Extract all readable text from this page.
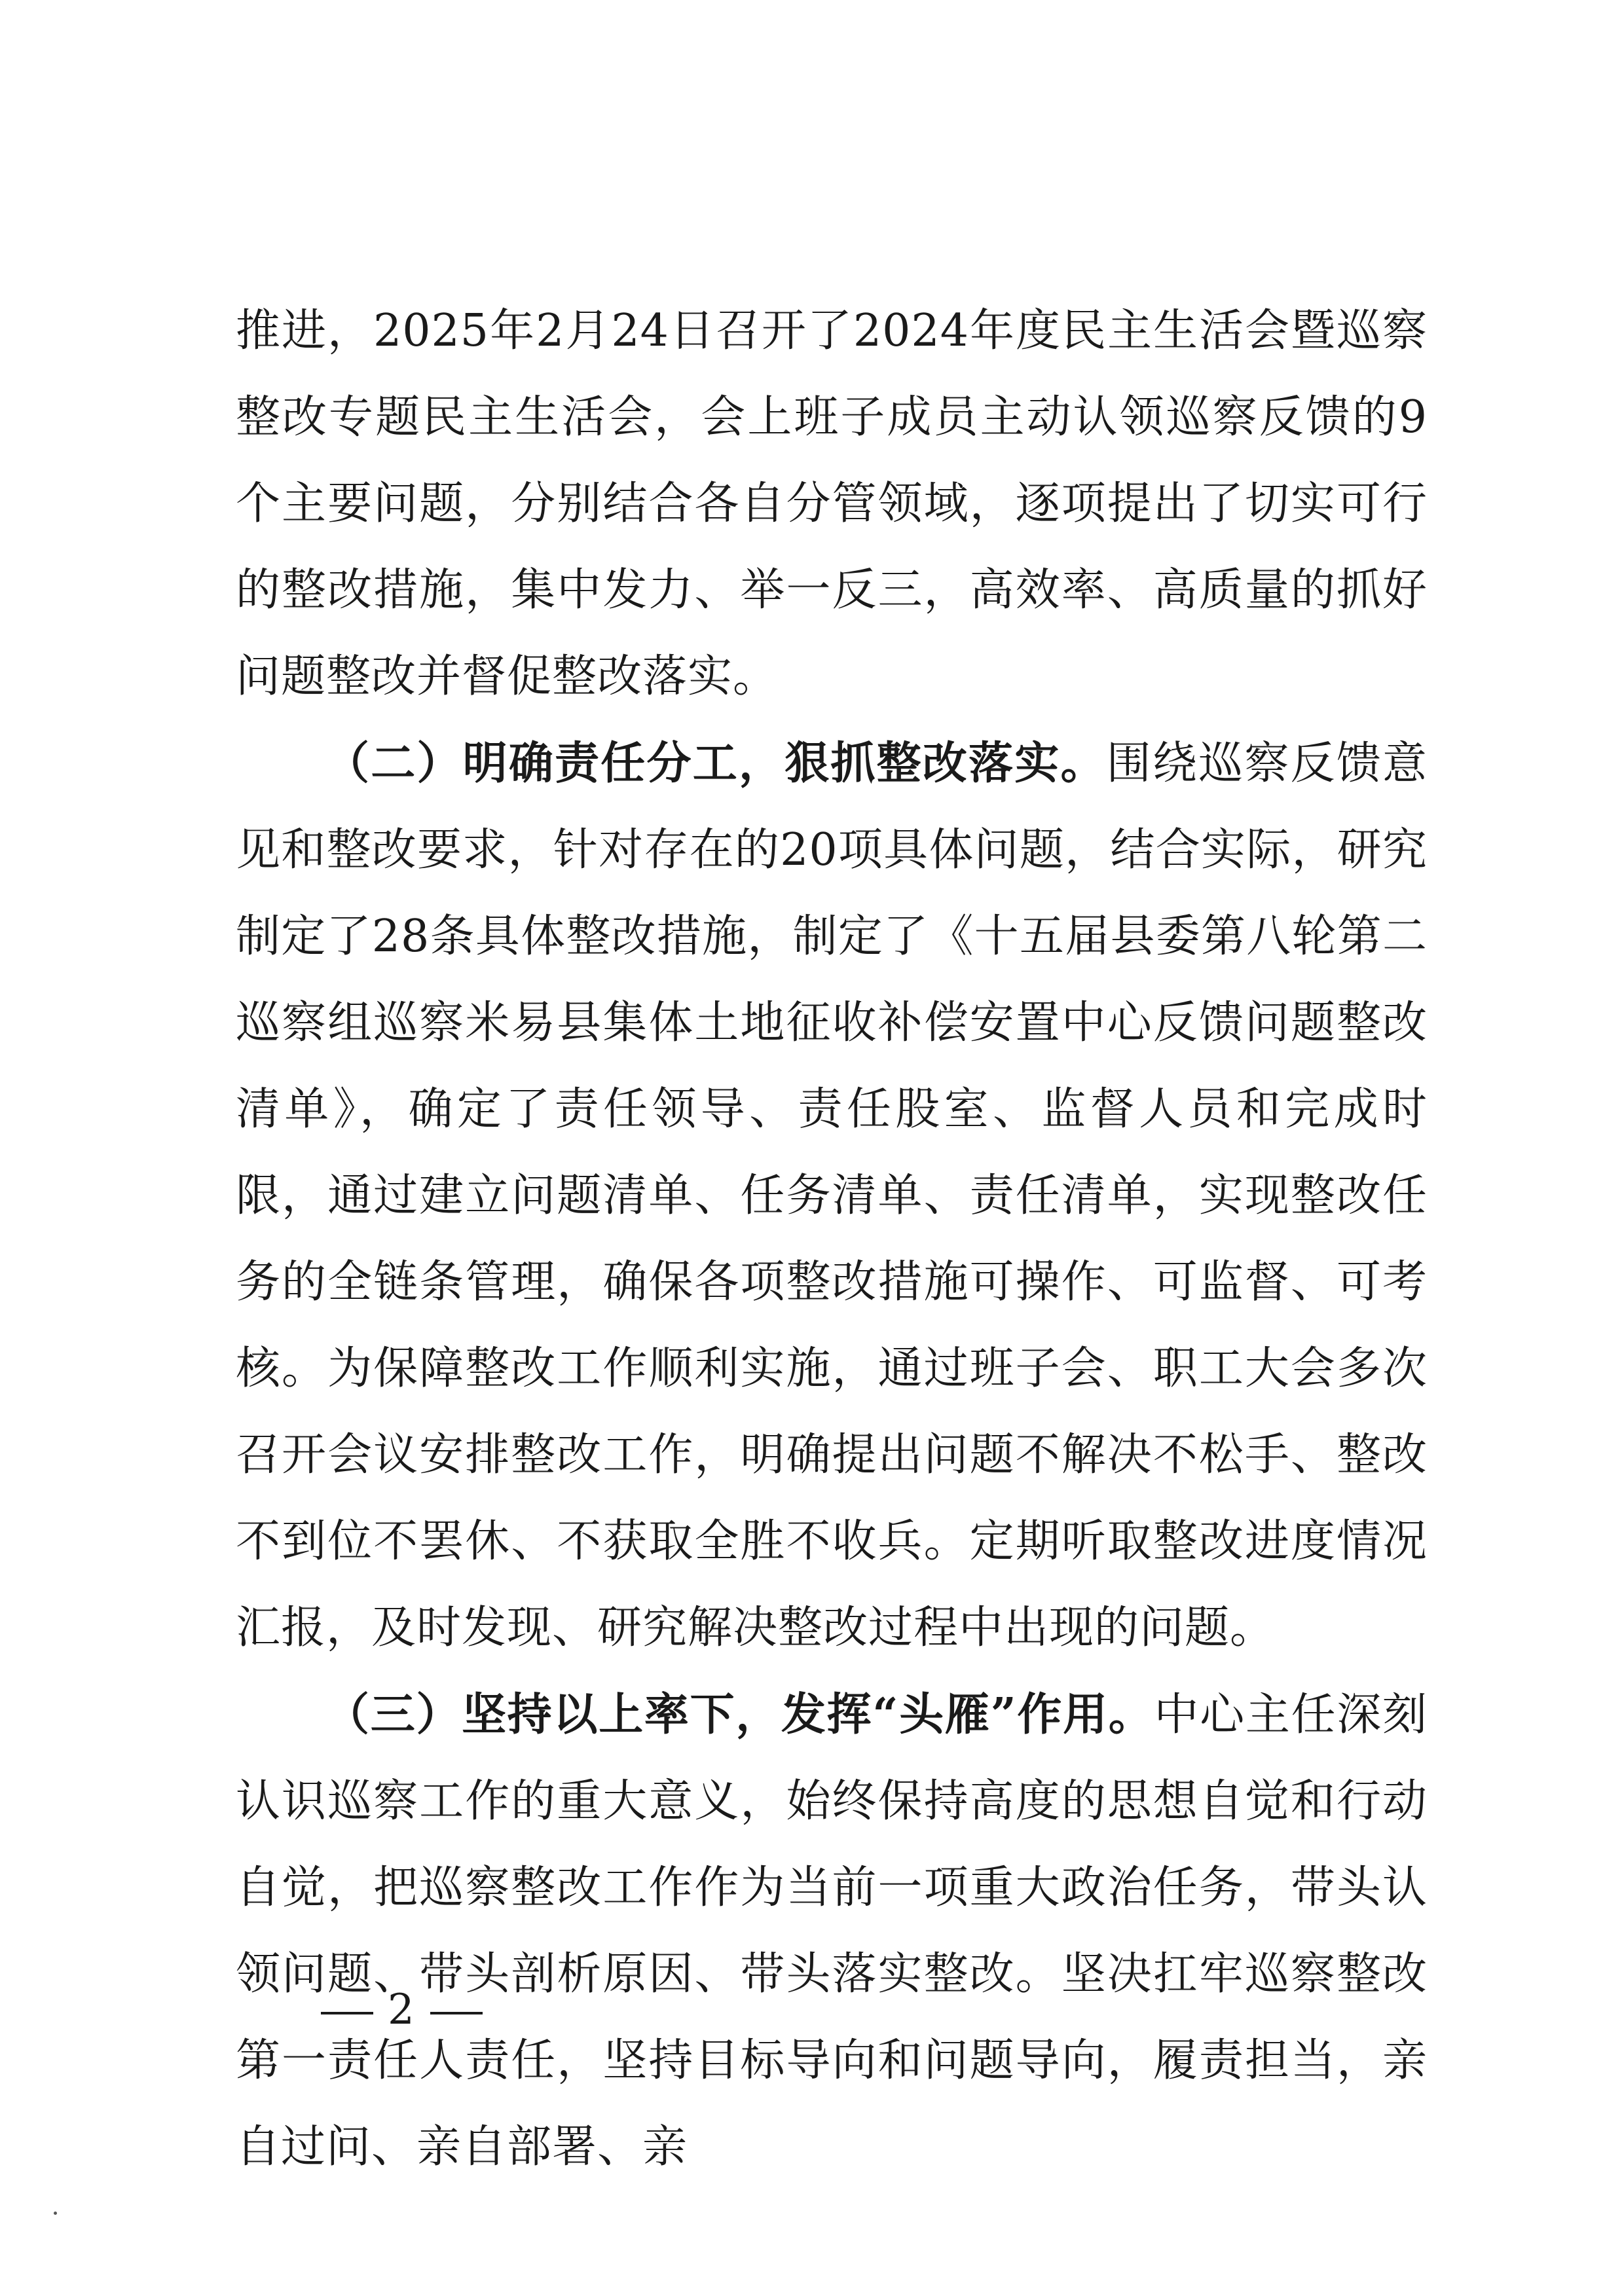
推进，2025年2月24日召开了2024年度民主生活会暨巡察整改专题民主生活会，会上班子成员主动认领巡察反馈的9个主要问题，分别结合各自分管领域，逐项提出了切实可行的整改措施，集中发力、举一反三，高效率、高质量的抓好问题整改并督促整改落实。

（二）明确责任分工，狠抓整改落实。围绕巡察反馈意见和整改要求，针对存在的20项具体问题，结合实际，研究制定了28条具体整改措施，制定了《十五届县委第八轮第二巡察组巡察米易县集体土地征收补偿安置中心反馈问题整改清单》，确定了责任领导、责任股室、监督人员和完成时限，通过建立问题清单、任务清单、责任清单，实现整改任务的全链条管理，确保各项整改措施可操作、可监督、可考核。为保障整改工作顺利实施，通过班子会、职工大会多次召开会议安排整改工作，明确提出问题不解决不松手、整改不到位不罢休、不获取全胜不收兵。定期听取整改进度情况汇报，及时发现、研究解决整改过程中出现的问题。

（三）坚持以上率下，发挥“头雁”作用。中心主任深刻认识巡察工作的重大意义，始终保持高度的思想自觉和行动自觉，把巡察整改工作作为当前一项重大政治任务，带头认领问题、带头剖析原因、带头落实整改。坚决扛牢巡察整改第一责任人责任，坚持目标导向和问题导向，履责担当，亲自过问、亲自部署、亲

2
